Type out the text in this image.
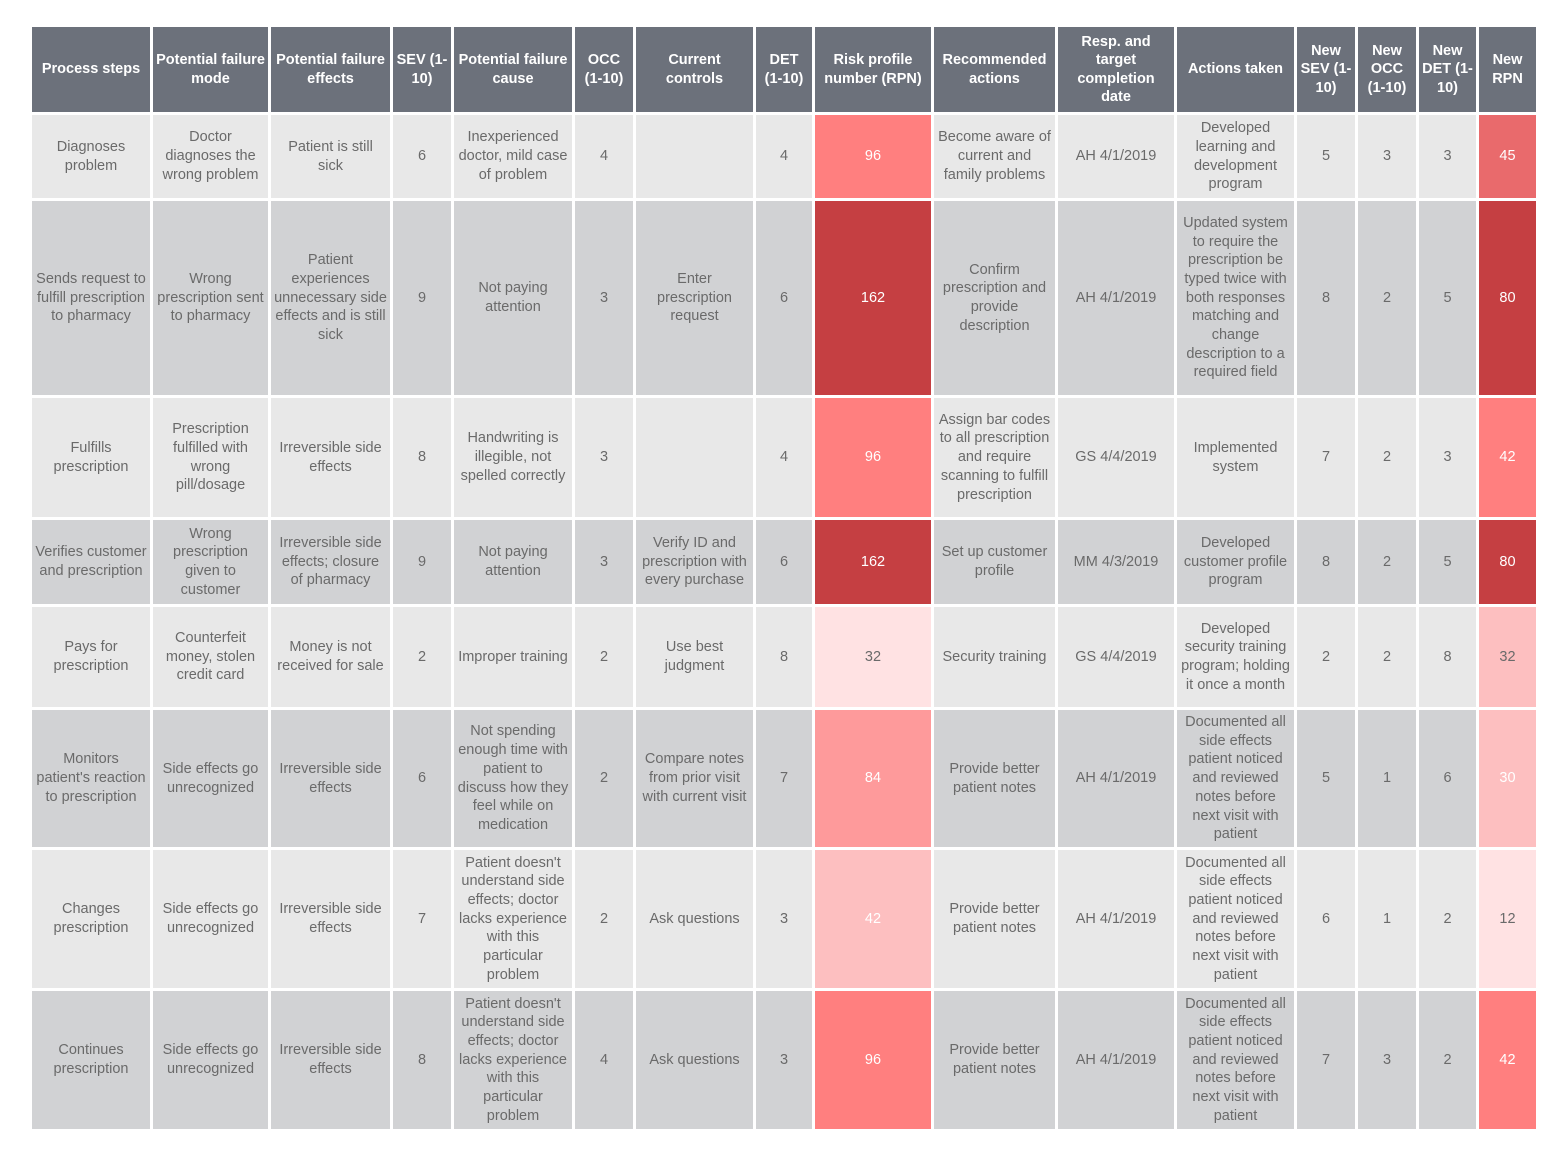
Process steps	Potential failure mode	Potential failure effects	SEV (1-10)	Potential failure cause	OCC (1-10)	Current controls	DET (1-10)	Risk profile number (RPN)	Recommended actions	Resp. and target completion date	Actions taken	New SEV (1-10)	New OCC (1-10)	New DET (1-10)	New RPN
Diagnoses problem	Doctor diagnoses the wrong problem	Patient is still sick	6	Inexperienced doctor, mild case of problem	4		4	96	Become aware of current and family problems	AH 4/1/2019	Developed learning and development program	5	3	3	45
Sends request to fulfill prescription to pharmacy	Wrong prescription sent to pharmacy	Patient experiences unnecessary side effects and is still sick	9	Not paying attention	3	Enter prescription request	6	162	Confirm prescription and provide description	AH 4/1/2019	Updated system to require the prescription be typed twice with both responses matching and change description to a required field	8	2	5	80
Fulfills prescription	Prescription fulfilled with wrong pill/dosage	Irreversible side effects	8	Handwriting is illegible, not spelled correctly	3		4	96	Assign bar codes to all prescription and require scanning to fulfill prescription	GS 4/4/2019	Implemented system	7	2	3	42
Verifies customer and prescription	Wrong prescription given to customer	Irreversible side effects; closure of pharmacy	9	Not paying attention	3	Verify ID and prescription with every purchase	6	162	Set up customer profile	MM 4/3/2019	Developed customer profile program	8	2	5	80
Pays for prescription	Counterfeit money, stolen credit card	Money is not received for sale	2	Improper training	2	Use best judgment	8	32	Security training	GS 4/4/2019	Developed security training program; holding it once a month	2	2	8	32
Monitors patient's reaction to prescription	Side effects go unrecognized	Irreversible side effects	6	Not spending enough time with patient to discuss how they feel while on medication	2	Compare notes from prior visit with current visit	7	84	Provide better patient notes	AH 4/1/2019	Documented all side effects patient noticed and reviewed notes before next visit with patient	5	1	6	30
Changes prescription	Side effects go unrecognized	Irreversible side effects	7	Patient doesn't understand side effects; doctor lacks experience with this particular problem	2	Ask questions	3	42	Provide better patient notes	AH 4/1/2019	Documented all side effects patient noticed and reviewed notes before next visit with patient	6	1	2	12
Continues prescription	Side effects go unrecognized	Irreversible side effects	8	Patient doesn't understand side effects; doctor lacks experience with this particular problem	4	Ask questions	3	96	Provide better patient notes	AH 4/1/2019	Documented all side effects patient noticed and reviewed notes before next visit with patient	7	3	2	42
